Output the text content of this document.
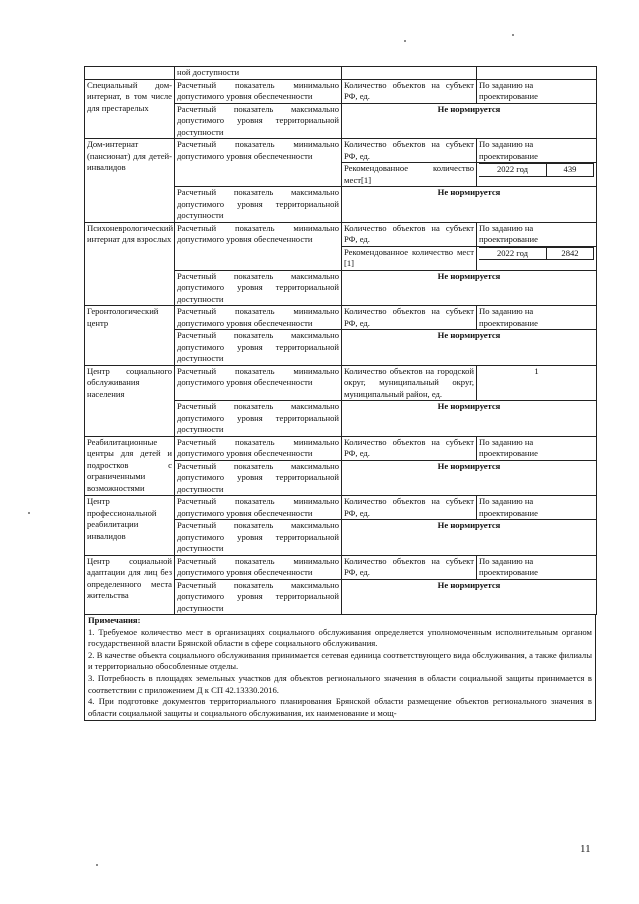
	ной доступности		
Специальный дом-интернат, в том числе для престарелых	Расчетный показатель минимально допустимого уровня обеспеченности	Количество объектов на субъект РФ, ед.	По заданию на проектирование
Расчетный показатель максимально допустимого уровня территориальной доступности	Не нормируется
Дом-интернат (пансионат) для детей-инвалидов	Расчетный показатель минимально допустимого уровня обеспеченности	Количество объектов на субъект РФ, ед.	По заданию на проектирование
Рекомендованное количество мест[1]	
2022 год	439

Расчетный показатель максимально допустимого уровня территориальной доступности	Не нормируется
Психоневрологический интернат для взрослых	Расчетный показатель минимально допустимого уровня обеспеченности	Количество объектов на субъект РФ, ед.	По заданию на проектирование
Рекомендованное количество мест [1]	
2022 год	2842

Расчетный показатель максимально допустимого уровня территориальной доступности	Не нормируется
Геронтологический центр	Расчетный показатель минимально допустимого уровня обеспеченности	Количество объектов на субъект РФ, ед.	По заданию на проектирование
Расчетный показатель максимально допустимого уровня территориальной доступности	Не нормируется
Центр социального обслуживания населения	Расчетный показатель минимально допустимого уровня обеспеченности	Количество объектов на городской округ, муниципальный округ, муниципальный район, ед.	1
Расчетный показатель максимально допустимого уровня территориальной доступности	Не нормируется
Реабилитационные центры для детей и подростков с ограниченными возможностями	Расчетный показатель минимально допустимого уровня обеспеченности	Количество объектов на субъект РФ, ед.	По заданию на проектирование
Расчетный показатель максимально допустимого уровня территориальной доступности	Не нормируется
Центр профессиональной реабилитации инвалидов	Расчетный показатель минимально допустимого уровня обеспеченности	Количество объектов на субъект РФ, ед.	По заданию на проектирование
Расчетный показатель максимально допустимого уровня территориальной доступности	Не нормируется
Центр социальной адаптации для лиц без определенного места жительства	Расчетный показатель минимально допустимого уровня обеспеченности	Количество объектов на субъект РФ, ед.	По заданию на проектирование
Расчетный показатель максимально допустимого уровня территориальной доступности	Не нормируется
Примечания:
1. Требуемое количество мест в организациях социального обслуживания определяется уполномоченным исполнительным органом государственной власти Брянской области в сфере социального обслуживания.
2. В качестве объекта социального обслуживания принимается сетевая единица соответствующего вида обслуживания, а также филиалы и территориально обособленные отделы.
3. Потребность в площадях земельных участков для объектов регионального значения в области социальной защиты принимается в соответствии с приложением Д к СП 42.13330.2016.
4. При подготовке документов территориального планирования Брянской области размещение объектов регионального значения в области социальной защиты и социального обслуживания, их наименование и мощ-
11
